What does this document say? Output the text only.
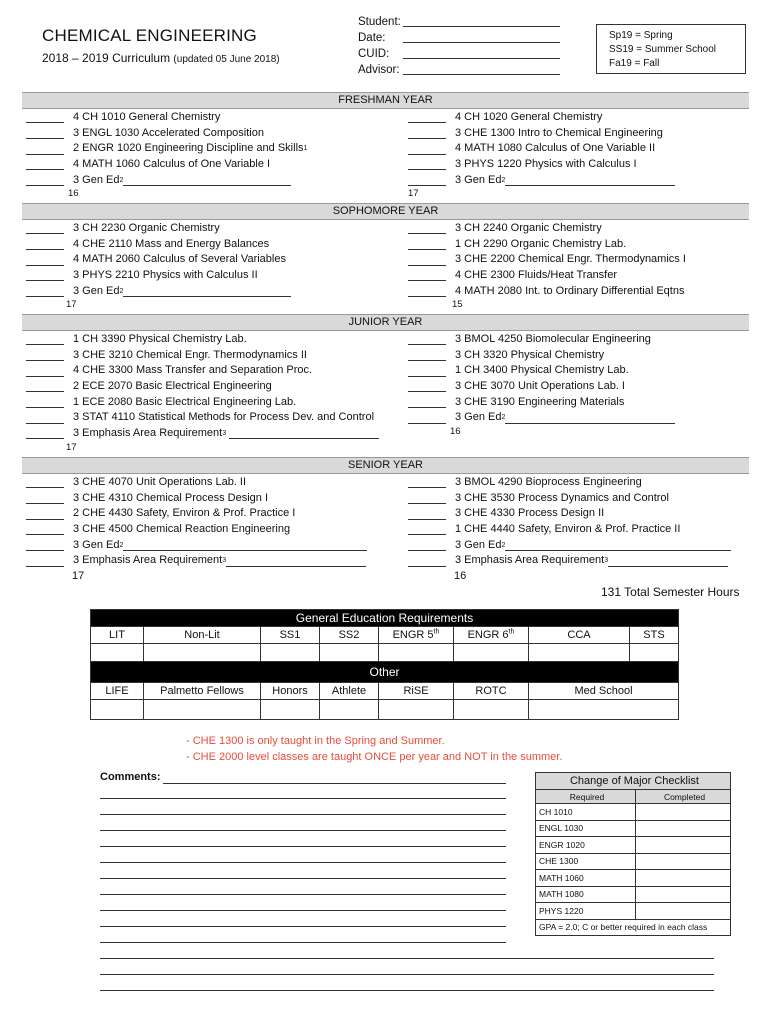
CHEMICAL ENGINEERING
2018 – 2019 Curriculum (updated 05 June 2018)
Student:
Date:
CUID:
Advisor:
Sp19 = Spring
SS19 = Summer School
Fa19 = Fall
FRESHMAN YEAR
4 CH 1010 General Chemistry
3 ENGL 1030 Accelerated Composition
2 ENGR 1020 Engineering Discipline and Skills 1
4 MATH 1060 Calculus of One Variable I
3 Gen Ed 2
16
4 CH 1020 General Chemistry
3 CHE 1300 Intro to Chemical Engineering
4 MATH 1080 Calculus of One Variable II
3 PHYS 1220 Physics with Calculus I
3 Gen Ed 2
17
SOPHOMORE YEAR
3 CH 2230 Organic Chemistry
4 CHE 2110 Mass and Energy Balances
4 MATH 2060 Calculus of Several Variables
3 PHYS 2210 Physics with Calculus II
3 Gen Ed 2
17
3 CH 2240 Organic Chemistry
1 CH 2290 Organic Chemistry Lab.
3 CHE 2200 Chemical Engr. Thermodynamics I
4 CHE 2300 Fluids/Heat Transfer
4 MATH 2080 Int. to Ordinary Differential Eqtns
15
JUNIOR YEAR
1 CH 3390 Physical Chemistry Lab.
3 CHE 3210 Chemical Engr. Thermodynamics II
4 CHE 3300 Mass Transfer and Separation Proc.
2 ECE 2070 Basic Electrical Engineering
1 ECE 2080 Basic Electrical Engineering Lab.
3 STAT 4110 Statistical Methods for Process Dev. and Control
3 Emphasis Area Requirement 3

17
3 BMOL 4250 Biomolecular Engineering
3 CH 3320 Physical Chemistry
1 CH 3400 Physical Chemistry Lab.
3 CHE 3070 Unit Operations Lab. I
3 CHE 3190 Engineering Materials
3 Gen Ed 2
16
SENIOR YEAR
3 CHE 4070 Unit Operations Lab. II
3 CHE 4310 Chemical Process Design I
2 CHE 4430 Safety, Environ & Prof. Practice I
3 CHE 4500 Chemical Reaction Engineering
3 Gen Ed 2
3 Emphasis Area Requirement 3
17
3 BMOL 4290 Bioprocess Engineering
3 CHE 3530 Process Dynamics and Control
3 CHE 4330 Process Design II
1 CHE 4440 Safety, Environ & Prof. Practice II
3 Gen Ed 2
3 Emphasis Area Requirement 3
16
131 Total Semester Hours
General Education Requirements							
LIT	Non-Lit	SS1	SS2	ENGR 5th	ENGR 6th	CCA	STS

Other							
LIFE	Palmetto Fellows	Honors	Athlete	RiSE	ROTC	Med School	

- CHE 1300 is only taught in the Spring and Summer.
- CHE 2000 level classes are taught ONCE per year and NOT in the summer.
Comments:	Change of Major Checklist	
Required	Completed
CH 1010	
ENGL 1030	
ENGR 1020	
CHE 1300	
MATH 1060	
MATH 1080	
PHYS 1220	
GPA = 2.0; C or better required in each class	
